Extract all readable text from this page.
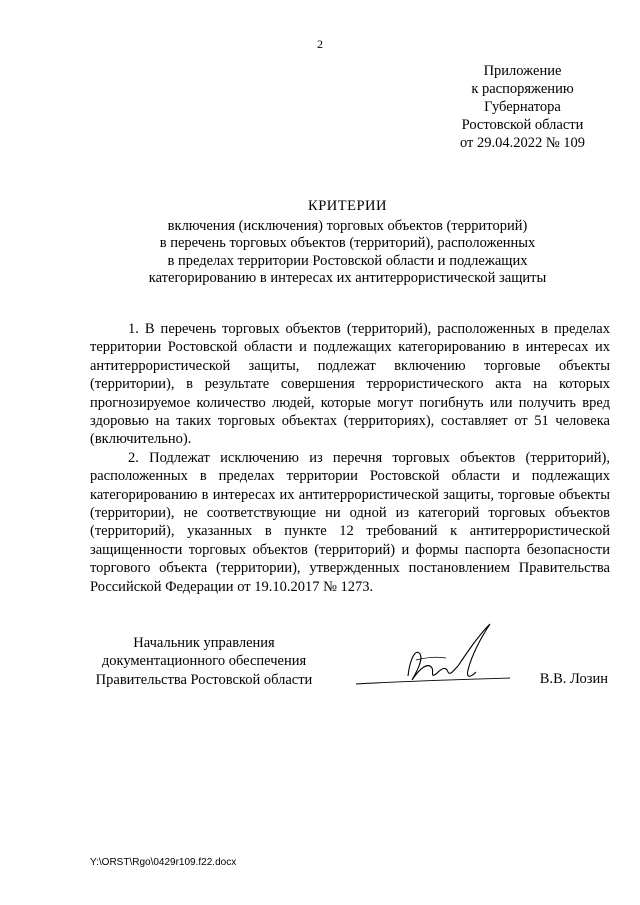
2
Приложение
к распоряжению
Губернатора
Ростовской области
от 29.04.2022 № 109
КРИТЕРИИ
включения (исключения) торговых объектов (территорий)
в перечень торговых объектов (территорий), расположенных
в пределах территории Ростовской области и подлежащих
категорированию в интересах их антитеррористической защиты

1. В перечень торговых объектов (территорий), расположенных в пределах территории Ростовской области и подлежащих категорированию в интересах их антитеррористической защиты, подлежат включению торговые объекты (территории), в результате совершения террористического акта на которых прогнозируемое количество людей, которые могут погибнуть или получить вред здоровью на таких торговых объектах (территориях), составляет от 51 человека (включительно).

2. Подлежат исключению из перечня торговых объектов (территорий), расположенных в пределах территории Ростовской области и подлежащих категорированию в интересах их антитеррористической защиты, торговые объекты (территории), не соответствующие ни одной из категорий торговых объектов (территорий), указанных в пункте 12 требований к антитеррористической защищенности торговых объектов (территорий) и формы паспорта безопасности торгового объекта (территории), утвержденных постановлением Правительства Российской Федерации от 19.10.2017 № 1273.

Начальник управления
документационного обеспечения
Правительства Ростовской области	В.В. Лозин
Y:\ORST\Rgo\0429r109.f22.docx
